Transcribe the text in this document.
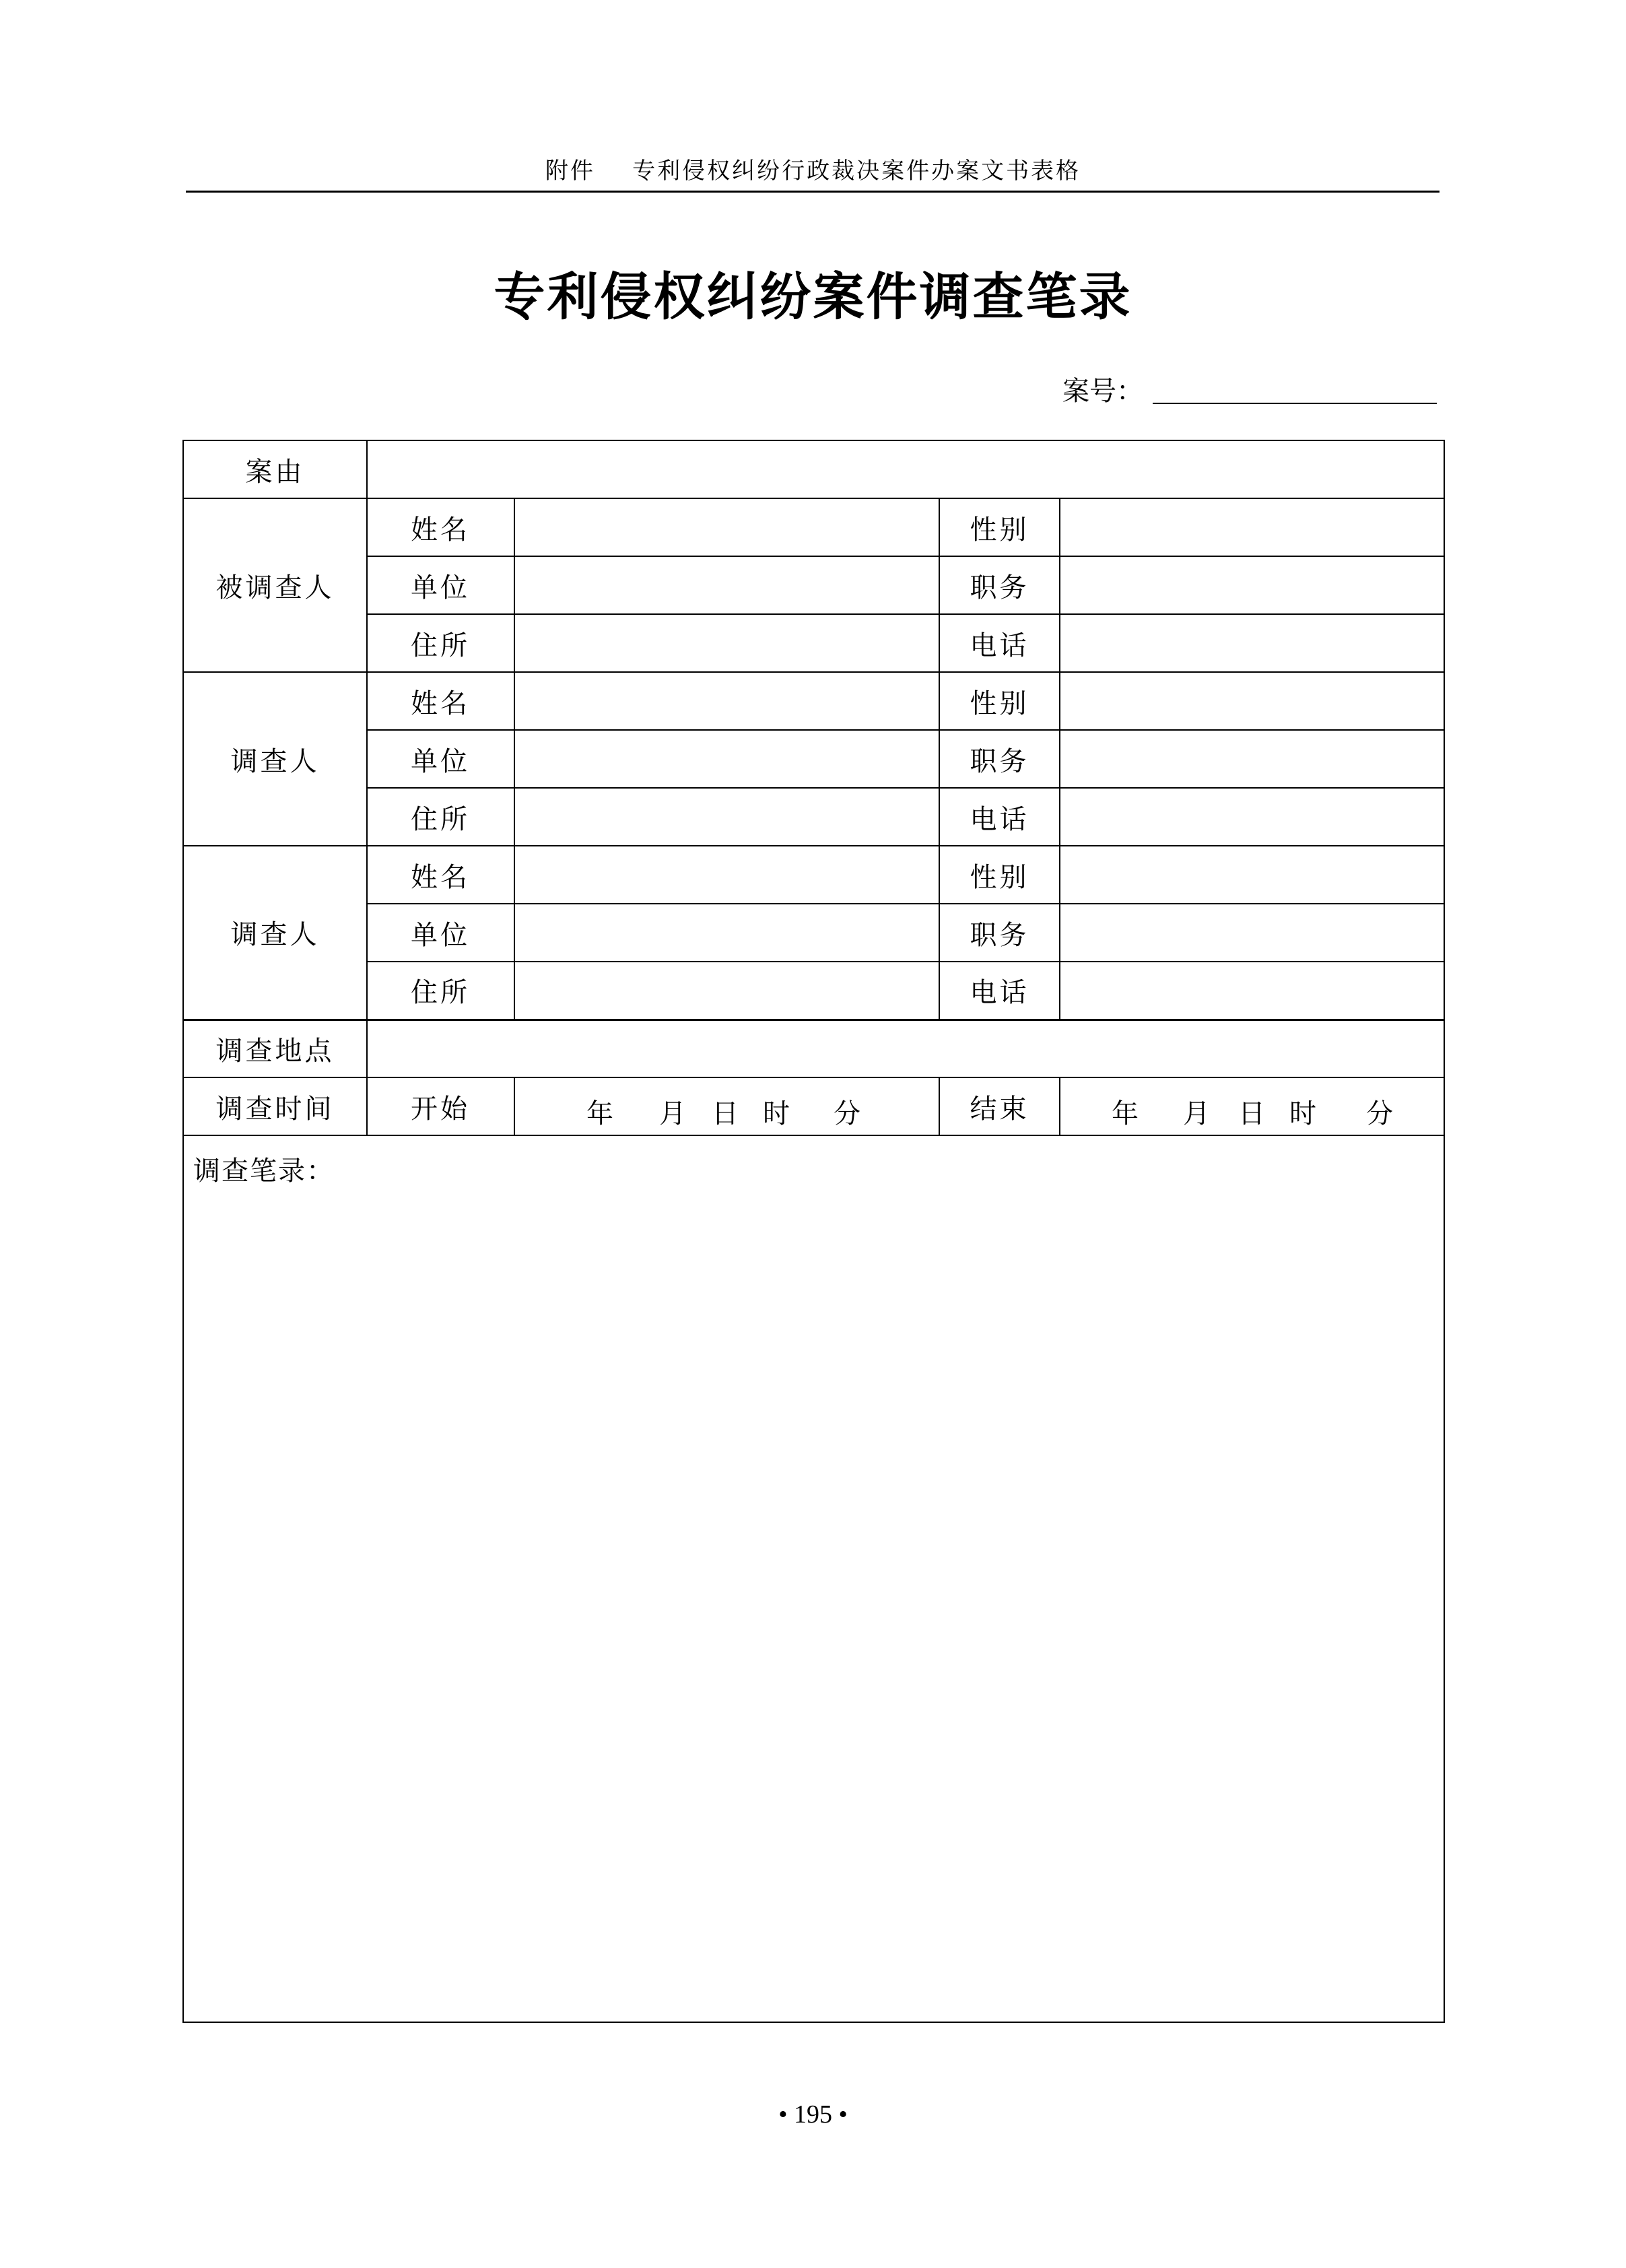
附件    专利侵权纠纷行政裁决案件办案文书表格
专利侵权纠纷案件调查笔录
案号：
案由				
被调查人	姓名		性别	
	单位		职务	
	住所		电话	
调查人	姓名		性别	
	单位		职务	
	住所		电话	
调查人	姓名		性别	
	单位		职务	
	住所		电话	
调查地点				
调查时间	开始	年 月 日 时 分	结束	年 月 日 时 分

调查笔录：				
• 195 •
